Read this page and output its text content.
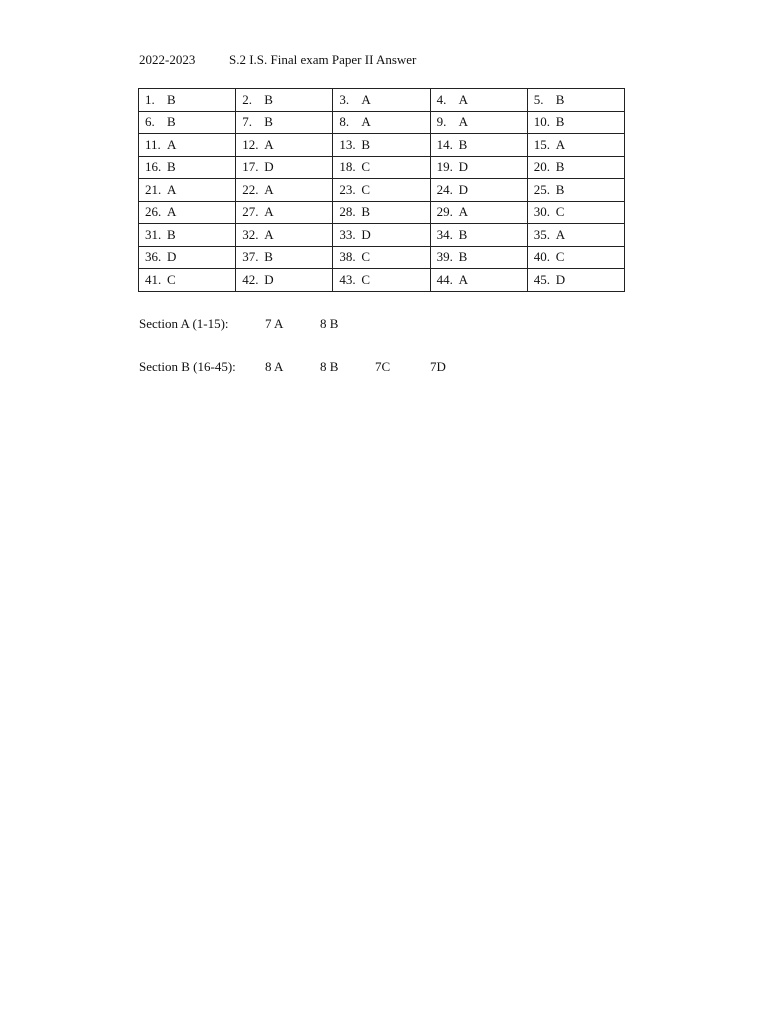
2022-2023	S.2 I.S. Final exam Paper II Answer
1. B	2. B	3. A	4. A	5. B
6. B	7. B	8. A	9. A	10. B
11. A	12. A	13. B	14. B	15. A
16. B	17. D	18. C	19. D	20. B
21. A	22. A	23. C	24. D	25. B
26. A	27. A	28. B	29. A	30. C
31. B	32. A	33. D	34. B	35. A
36. D	37. B	38. C	39. B	40. C
41. C	42. D	43. C	44. A	45. D
Section A (1-15):	7 A	8 B
Section B (16-45): 8 A	8 B	7C	7D
